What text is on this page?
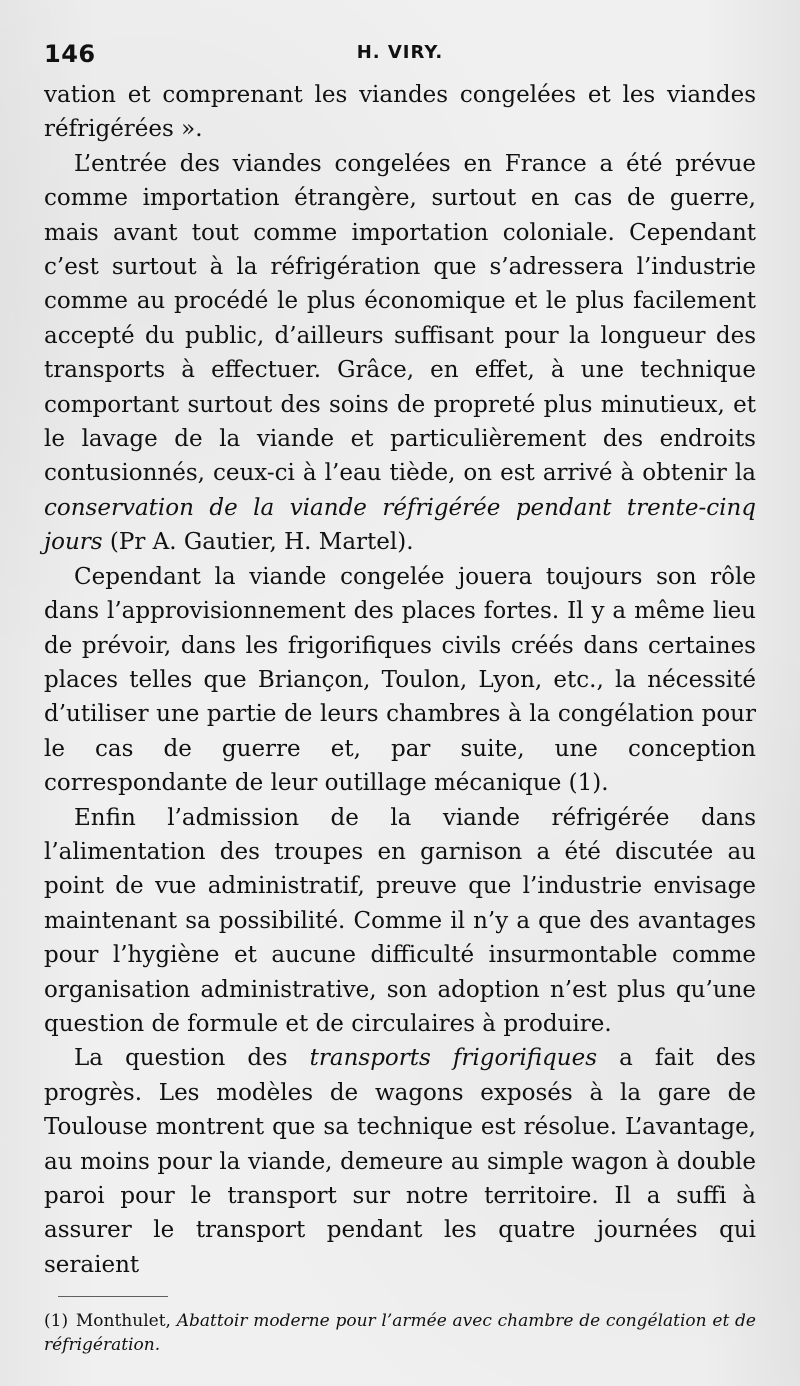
146	H. VIRY.

vation et comprenant les viandes congelées et les viandes réfrigérées ».

L’entrée des viandes congelées en France a été prévue comme importation étrangère, surtout en cas de guerre, mais avant tout comme importation coloniale. Cependant c’est surtout à la réfrigération que s’adressera l’industrie comme au procédé le plus économique et le plus facilement accepté du public, d’ailleurs suffisant pour la longueur des transports à effectuer. Grâce, en effet, à une technique comportant surtout des soins de propreté plus minutieux, et le lavage de la viande et particulièrement des endroits contusionnés, ceux-ci à l’eau tiède, on est arrivé à obtenir la conservation de la viande réfrigérée pendant trente-cinq jours (Pr A. Gautier, H. Martel).

Cependant la viande congelée jouera toujours son rôle dans l’approvisionnement des places fortes. Il y a même lieu de prévoir, dans les frigorifiques civils créés dans certaines places telles que Briançon, Toulon, Lyon, etc., la nécessité d’utiliser une partie de leurs chambres à la congélation pour le cas de guerre et, par suite, une conception correspondante de leur outillage mécanique (1).

Enfin l’admission de la viande réfrigérée dans l’alimentation des troupes en garnison a été discutée au point de vue administratif, preuve que l’industrie envisage maintenant sa possibilité. Comme il n’y a que des avantages pour l’hygiène et aucune difficulté insurmontable comme organisation administrative, son adoption n’est plus qu’une question de formule et de circulaires à produire.

La question des transports frigorifiques a fait des progrès. Les modèles de wagons exposés à la gare de Toulouse montrent que sa technique est résolue. L’avantage, au moins pour la viande, demeure au simple wagon à double paroi pour le transport sur notre territoire. Il a suffi à assurer le transport pendant les quatre journées qui seraient

(1) Monthulet, Abattoir moderne pour l’armée avec chambre de congélation et de réfrigération.
